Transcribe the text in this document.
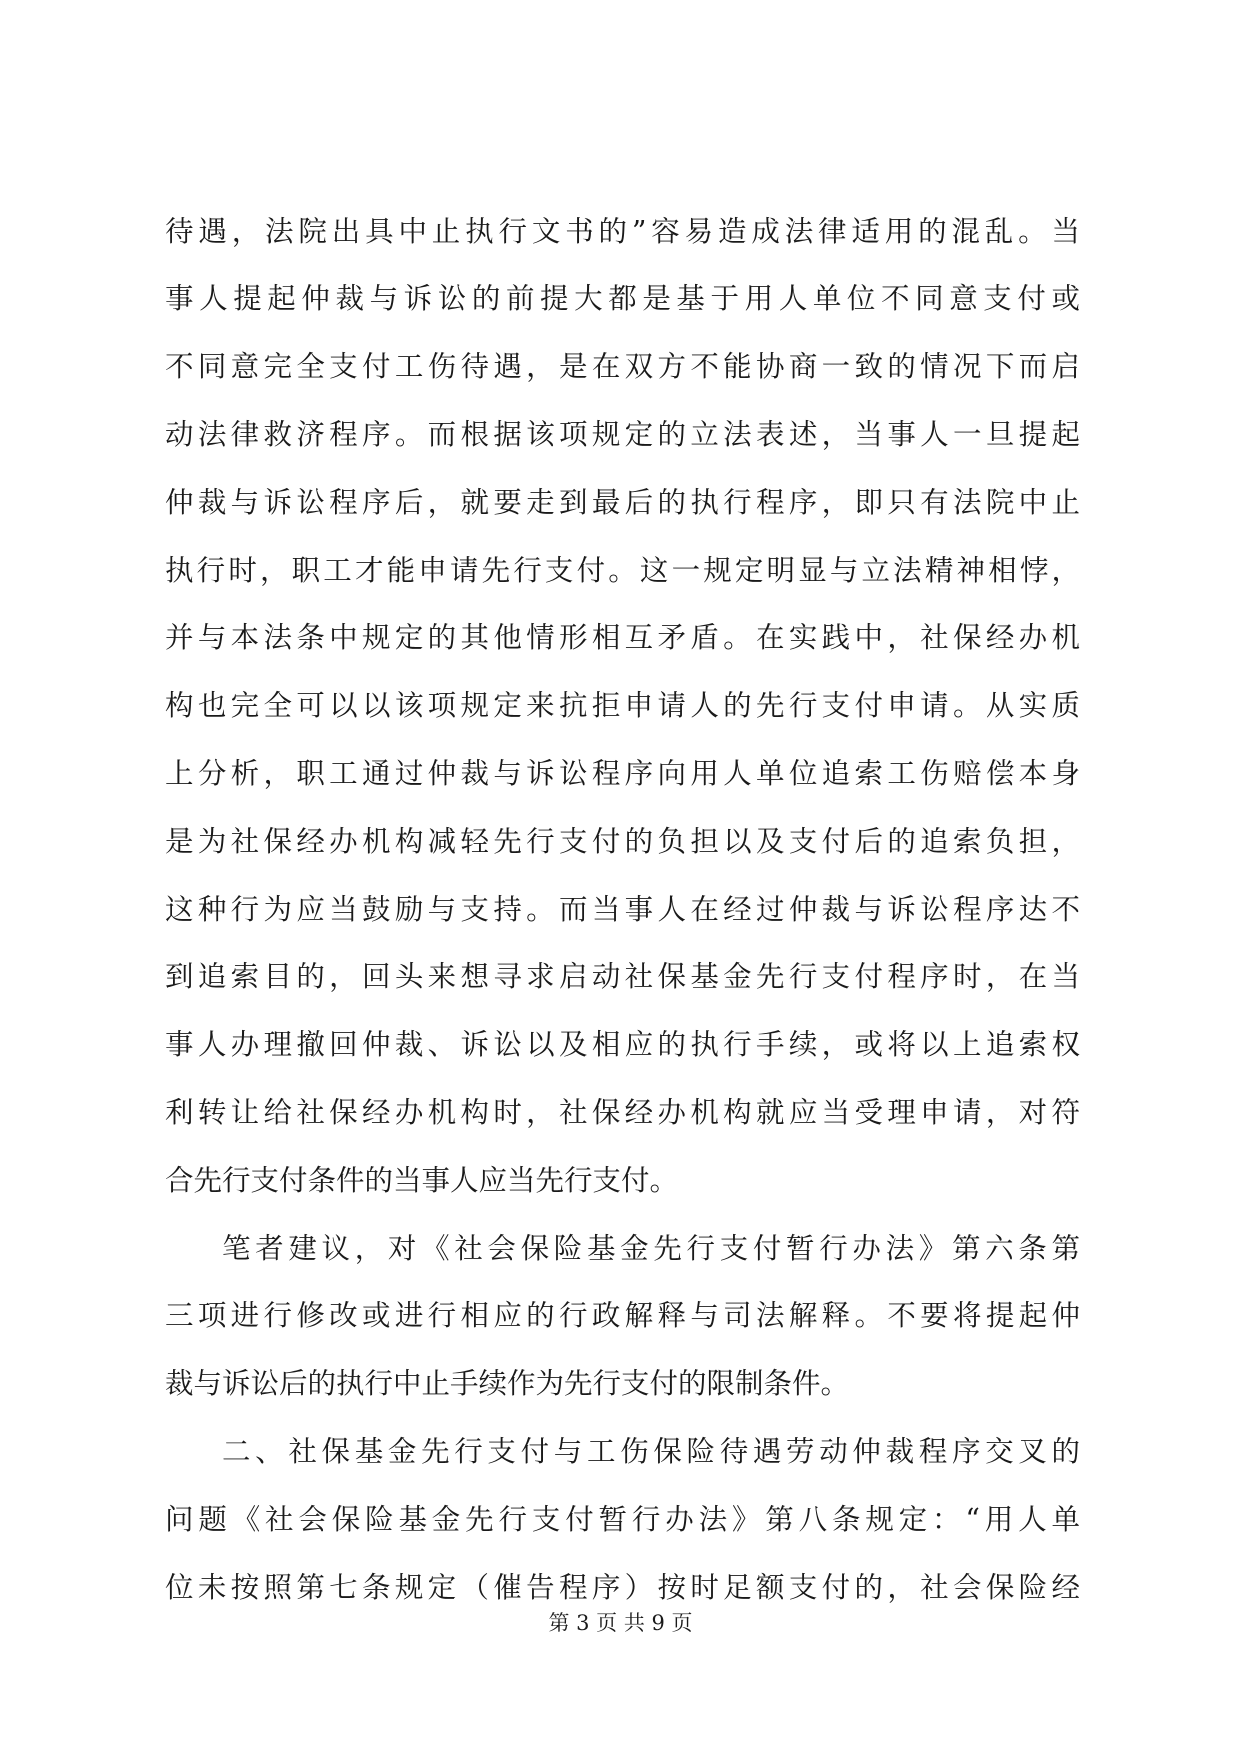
待遇，法院出具中止执行文书的”容易造成法律适用的混乱。当
事人提起仲裁与诉讼的前提大都是基于用人单位不同意支付或
不同意完全支付工伤待遇，是在双方不能协商一致的情况下而启
动法律救济程序。而根据该项规定的立法表述，当事人一旦提起
仲裁与诉讼程序后，就要走到最后的执行程序，即只有法院中止
执行时，职工才能申请先行支付。这一规定明显与立法精神相悖，
并与本法条中规定的其他情形相互矛盾。在实践中，社保经办机
构也完全可以以该项规定来抗拒申请人的先行支付申请。从实质
上分析，职工通过仲裁与诉讼程序向用人单位追索工伤赔偿本身
是为社保经办机构减轻先行支付的负担以及支付后的追索负担，
这种行为应当鼓励与支持。而当事人在经过仲裁与诉讼程序达不
到追索目的，回头来想寻求启动社保基金先行支付程序时，在当
事人办理撤回仲裁、诉讼以及相应的执行手续，或将以上追索权
利转让给社保经办机构时，社保经办机构就应当受理申请，对符
合先行支付条件的当事人应当先行支付。
笔者建议，对《社会保险基金先行支付暂行办法》第六条第
三项进行修改或进行相应的行政解释与司法解释。不要将提起仲
裁与诉讼后的执行中止手续作为先行支付的限制条件。
二、社保基金先行支付与工伤保险待遇劳动仲裁程序交叉的
问题《社会保险基金先行支付暂行办法》第八条规定：“用人单
位未按照第七条规定（催告程序）按时足额支付的，社会保险经
第 3 页 共 9 页
